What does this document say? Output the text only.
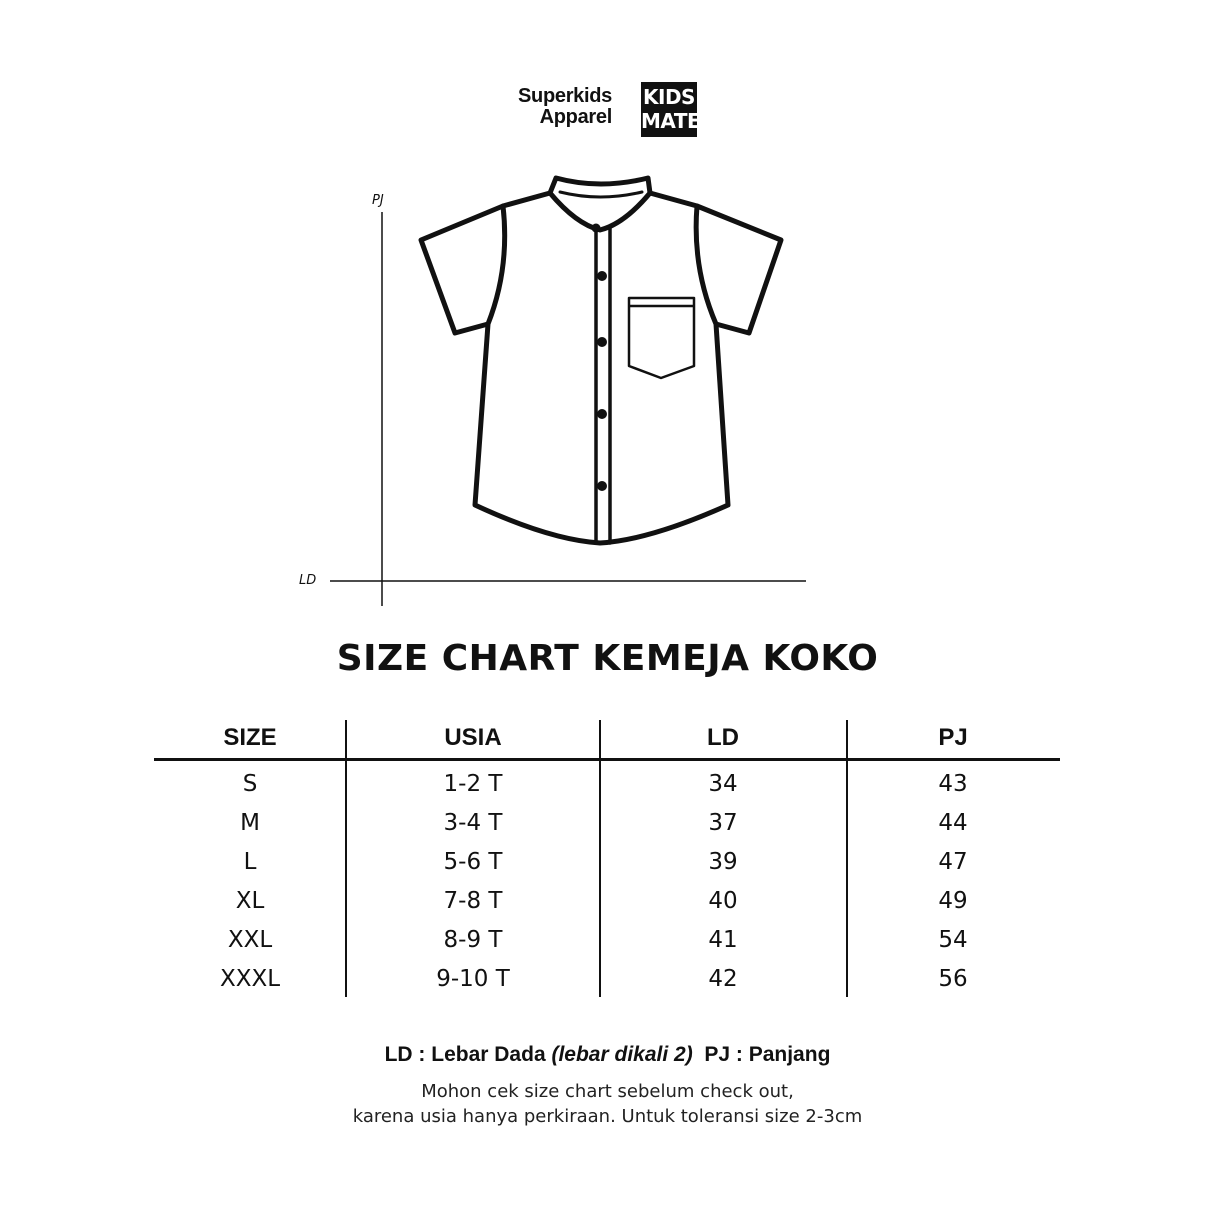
Superkids
Apparel
KIDS
MATE
PJ
LD
SIZE CHART KEMEJA KOKO
SIZE	USIA	LD	PJ
S	1-2 T	34	43
M	3-4 T	37	44
L	5-6 T	39	47
XL	7-8 T	40	49
XXL	8-9 T	41	54
XXXL	9-10 T	42	56
LD : Lebar Dada (lebar dikali 2) PJ : Panjang
Mohon cek size chart sebelum check out,
karena usia hanya perkiraan. Untuk toleransi size 2-3cm
